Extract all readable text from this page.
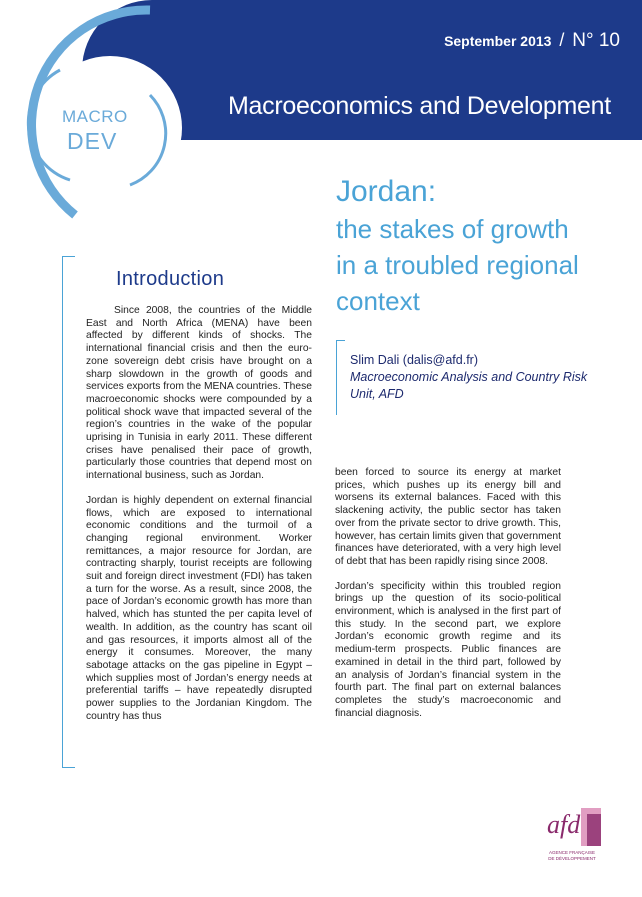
September 2013 / N° 10
Macroeconomics and Development
MACRO
DEV
Jordan:
the stakes of growth
in a troubled regional
context
Slim Dali (dalis@afd.fr)
Macroeconomic Analysis and Country Risk
Unit, AFD
Introduction

Since 2008, the countries of the Middle East and North Africa (MENA) have been affected by different kinds of shocks. The international financial crisis and then the euro-zone sovereign debt crisis have brought on a sharp slowdown in the growth of goods and services exports from the MENA countries. These macroeconomic shocks were compounded by a political shock wave that impacted several of the region’s countries in the wake of the popular uprising in Tunisia in early 2011. These different crises have penalised their pace of growth, particularly those countries that depend most on international business, such as Jordan.

Jordan is highly dependent on external financial flows, which are exposed to international economic conditions and the turmoil of a changing regional environment. Worker remittances, a major resource for Jordan, are contracting sharply, tourist receipts are following suit and foreign direct investment (FDI) has taken a turn for the worse. As a result, since 2008, the pace of Jordan’s economic growth has more than halved, which has stunted the per capita level of wealth. In addition, as the country has scant oil and gas resources, it imports almost all of the energy it consumes. Moreover, the many sabotage attacks on the gas pipeline in Egypt – which supplies most of Jordan’s energy needs at preferential tariffs – have repeatedly disrupted power supplies to the Jordanian Kingdom. The country has thus

been forced to source its energy at market prices, which pushes up its energy bill and worsens its external balances. Faced with this slackening activity, the public sector has taken over from the private sector to drive growth. This, however, has certain limits given that government finances have deteriorated, with a very high level of debt that has been rapidly rising since 2008.

Jordan’s specificity within this troubled region brings up the question of its socio-political environment, which is analysed in the first part of this study. In the second part, we explore Jordan’s economic growth regime and its medium-term prospects. Public finances are examined in detail in the third part, followed by an analysis of Jordan’s financial system in the fourth part. The final part on external balances completes the study’s macroeconomic and financial diagnosis.

afd
AGENCE FRANÇAISE
DE DÉVELOPPEMENT
